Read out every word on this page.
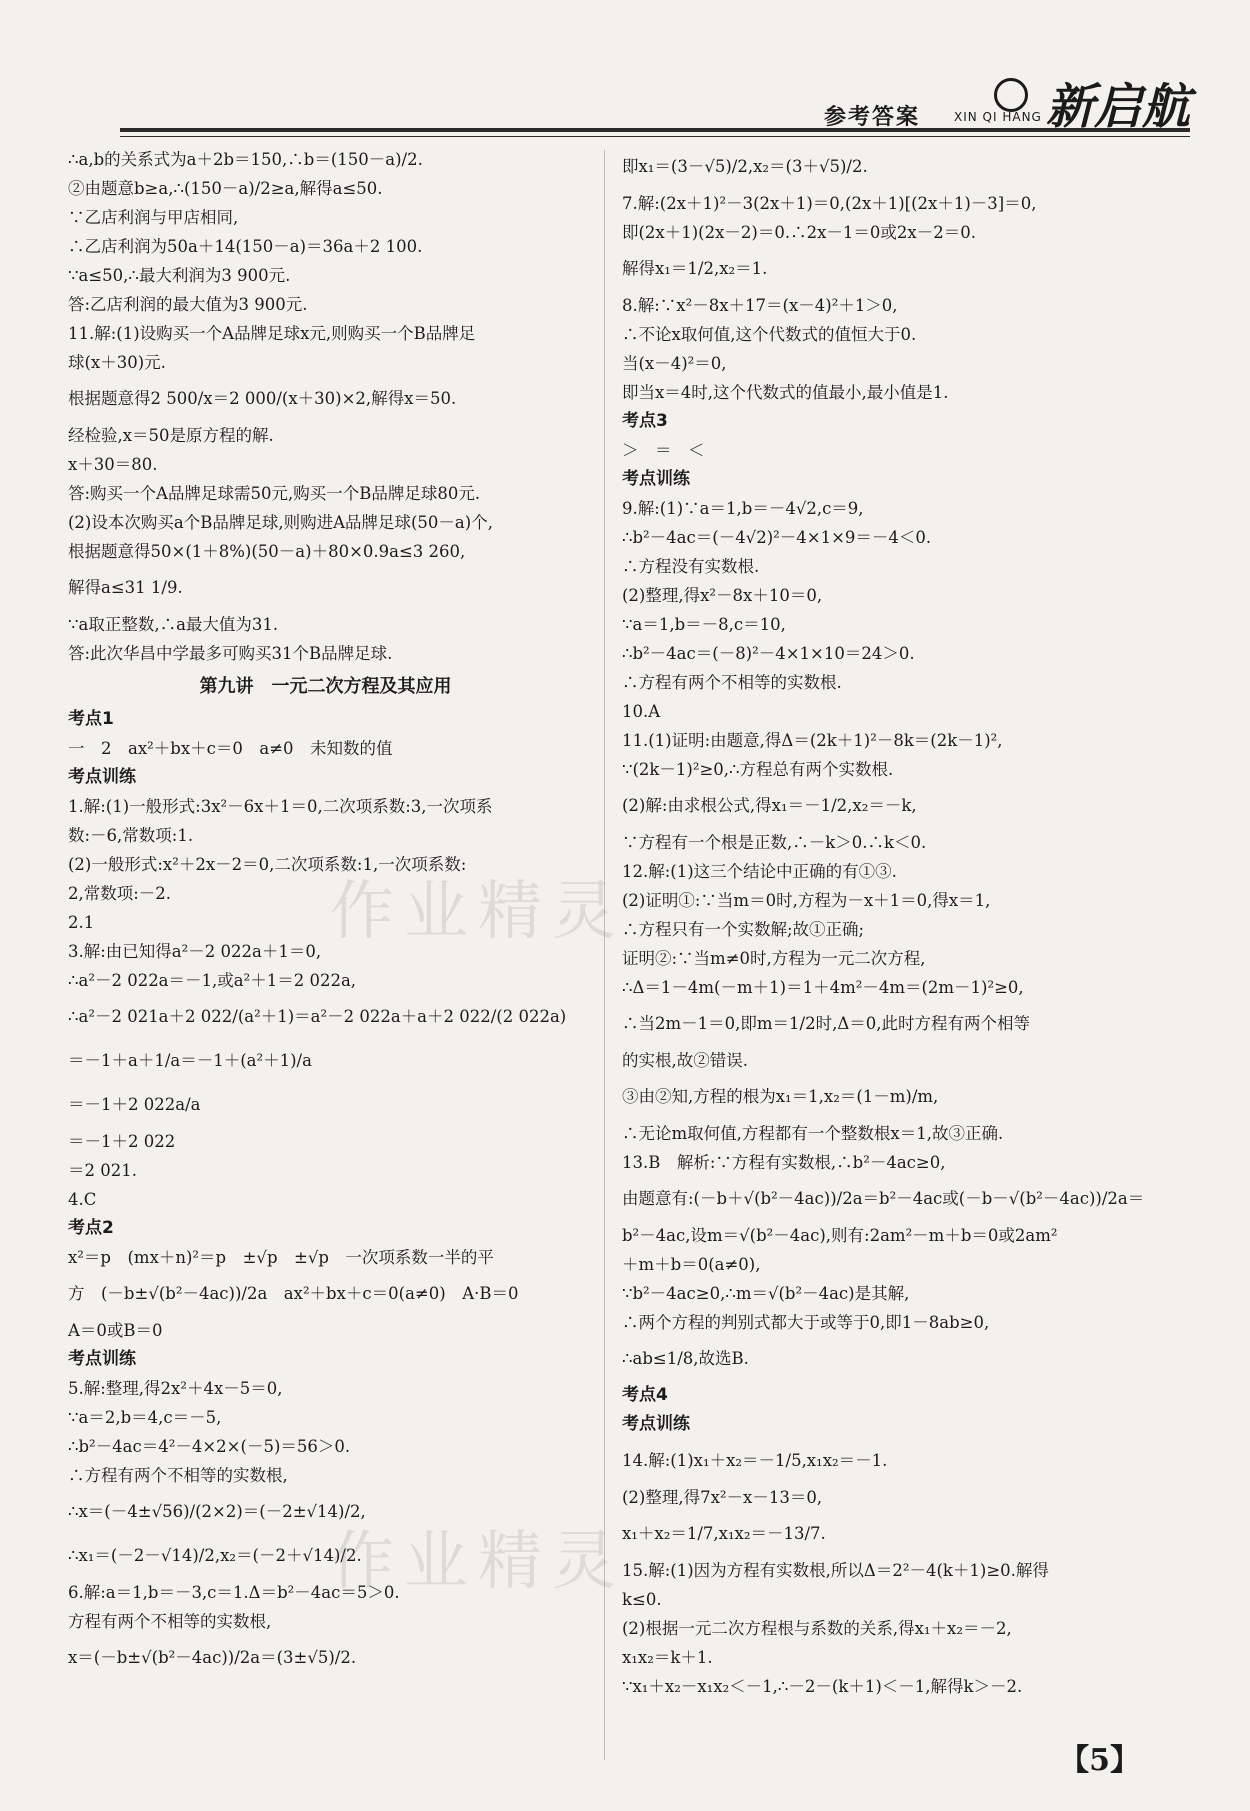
参考答案	新启航
XIN QI HANG
∴a,b的关系式为a＋2b＝150,∴b＝(150－a)/2.
②由题意b≥a,∴(150－a)/2≥a,解得a≤50.
∵乙店利润与甲店相同,
∴乙店利润为50a＋14(150－a)＝36a＋2 100.
∵a≤50,∴最大利润为3 900元.
答:乙店利润的最大值为3 900元.
11.解:(1)设购买一个A品牌足球x元,则购买一个B品牌足
球(x＋30)元.
根据题意得2 500/x＝2 000/(x＋30)×2,解得x＝50.
经检验,x＝50是原方程的解.
x＋30＝80.
答:购买一个A品牌足球需50元,购买一个B品牌足球80元.
(2)设本次购买a个B品牌足球,则购进A品牌足球(50－a)个,
根据题意得50×(1＋8%)(50－a)＋80×0.9a≤3 260,
解得a≤31 1/9.
∵a取正整数,∴a最大值为31.
答:此次华昌中学最多可购买31个B品牌足球.
第九讲　一元二次方程及其应用
考点1
一　2　ax²＋bx＋c＝0　a≠0　未知数的值
考点训练
1.解:(1)一般形式:3x²－6x＋1＝0,二次项系数:3,一次项系
数:－6,常数项:1.
(2)一般形式:x²＋2x－2＝0,二次项系数:1,一次项系数:
2,常数项:－2.
2.1
3.解:由已知得a²－2 022a＋1＝0,
∴a²－2 022a＝－1,或a²＋1＝2 022a,
∴a²－2 021a＋2 022/(a²＋1)＝a²－2 022a＋a＋2 022/(2 022a)
＝－1＋a＋1/a＝－1＋(a²＋1)/a
＝－1＋2 022a/a
＝－1＋2 022
＝2 021.
4.C
考点2
x²＝p　(mx＋n)²＝p　±√p　±√p　一次项系数一半的平
方　(－b±√(b²－4ac))/2a　ax²＋bx＋c＝0(a≠0)　A·B＝0
A＝0或B＝0
考点训练
5.解:整理,得2x²＋4x－5＝0,
∵a＝2,b＝4,c＝－5,
∴b²－4ac＝4²－4×2×(－5)＝56＞0.
∴方程有两个不相等的实数根,
∴x＝(－4±√56)/(2×2)＝(－2±√14)/2,
∴x₁＝(－2－√14)/2,x₂＝(－2＋√14)/2.
6.解:a＝1,b＝－3,c＝1.Δ＝b²－4ac＝5＞0.
方程有两个不相等的实数根,
x＝(－b±√(b²－4ac))/2a＝(3±√5)/2.
即x₁＝(3－√5)/2,x₂＝(3＋√5)/2.
7.解:(2x＋1)²－3(2x＋1)＝0,(2x＋1)[(2x＋1)－3]＝0,
即(2x＋1)(2x－2)＝0.∴2x－1＝0或2x－2＝0.
解得x₁＝1/2,x₂＝1.
8.解:∵x²－8x＋17＝(x－4)²＋1＞0,
∴不论x取何值,这个代数式的值恒大于0.
当(x－4)²＝0,
即当x＝4时,这个代数式的值最小,最小值是1.
考点3
＞　＝　＜
考点训练
9.解:(1)∵a＝1,b＝－4√2,c＝9,
∴b²－4ac＝(－4√2)²－4×1×9＝－4＜0.
∴方程没有实数根.
(2)整理,得x²－8x＋10＝0,
∵a＝1,b＝－8,c＝10,
∴b²－4ac＝(－8)²－4×1×10＝24＞0.
∴方程有两个不相等的实数根.
10.A
11.(1)证明:由题意,得Δ＝(2k＋1)²－8k＝(2k－1)²,
∵(2k－1)²≥0,∴方程总有两个实数根.
(2)解:由求根公式,得x₁＝－1/2,x₂＝－k,
∵方程有一个根是正数,∴－k＞0.∴k＜0.
12.解:(1)这三个结论中正确的有①③.
(2)证明①:∵当m＝0时,方程为－x＋1＝0,得x＝1,
∴方程只有一个实数解;故①正确;
证明②:∵当m≠0时,方程为一元二次方程,
∴Δ＝1－4m(－m＋1)＝1＋4m²－4m＝(2m－1)²≥0,
∴当2m－1＝0,即m＝1/2时,Δ＝0,此时方程有两个相等
的实根,故②错误.
③由②知,方程的根为x₁＝1,x₂＝(1－m)/m,
∴无论m取何值,方程都有一个整数根x＝1,故③正确.
13.B　解析:∵方程有实数根,∴b²－4ac≥0,
由题意有:(－b＋√(b²－4ac))/2a＝b²－4ac或(－b－√(b²－4ac))/2a＝
b²－4ac,设m＝√(b²－4ac),则有:2am²－m＋b＝0或2am²
＋m＋b＝0(a≠0),
∵b²－4ac≥0,∴m＝√(b²－4ac)是其解,
∴两个方程的判别式都大于或等于0,即1－8ab≥0,
∴ab≤1/8,故选B.
考点4
考点训练
14.解:(1)x₁＋x₂＝－1/5,x₁x₂＝－1.
(2)整理,得7x²－x－13＝0,
x₁＋x₂＝1/7,x₁x₂＝－13/7.
15.解:(1)因为方程有实数根,所以Δ＝2²－4(k＋1)≥0.解得
k≤0.
(2)根据一元二次方程根与系数的关系,得x₁＋x₂＝－2,
x₁x₂＝k＋1.
∵x₁＋x₂－x₁x₂＜－1,∴－2－(k＋1)＜－1,解得k＞－2.
作业精灵
作业精灵
【5】
